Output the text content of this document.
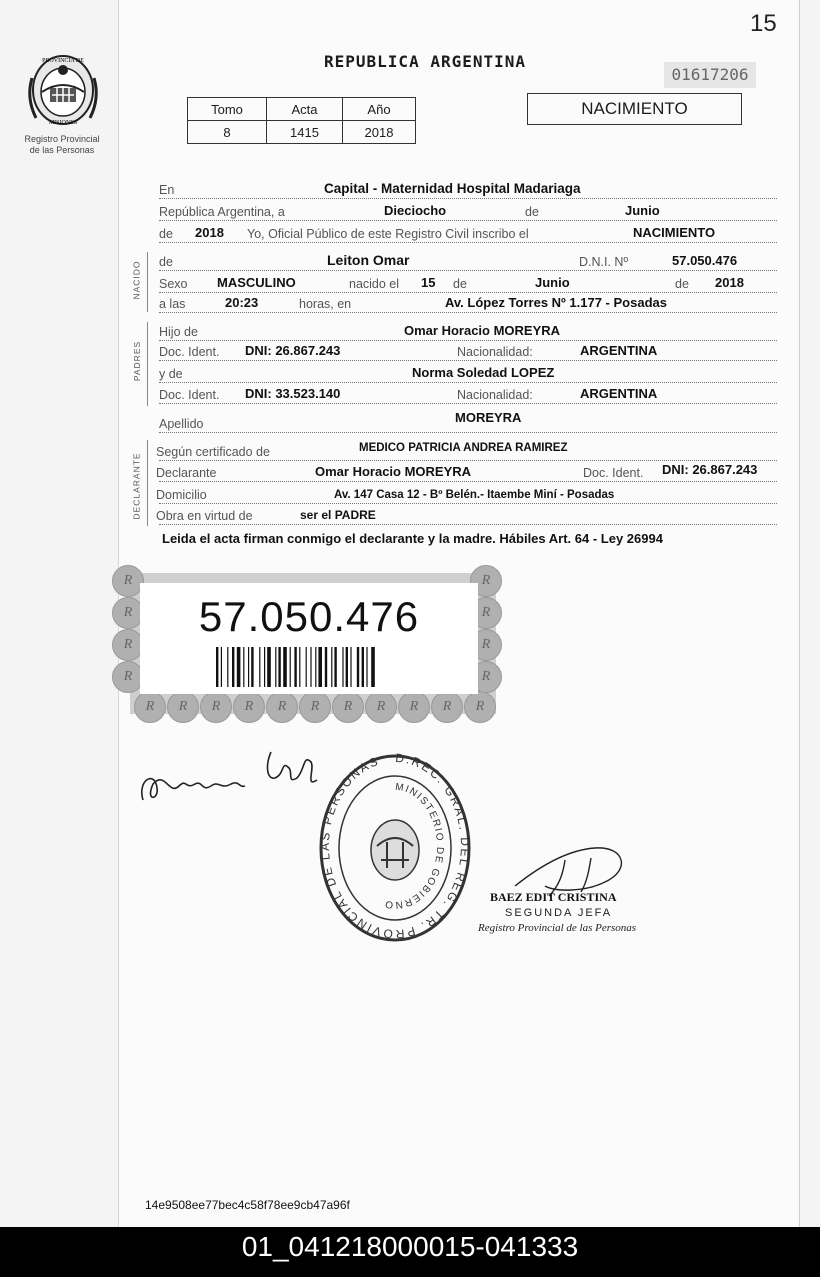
15
PROVINCIA DE
MISIONES
Registro Provincial
de las Personas
REPUBLICA ARGENTINA
01617206
Tomo	Acta	Año
8	1415	2018
NACIMIENTO
En	Capital - Maternidad Hospital Madariaga
República Argentina, a	Dieciocho	de	Junio
de 2018 Yo, Oficial Público de este Registro Civil inscribo el	NACIMIENTO
NACIDO de	Leiton Omar	D.N.I. Nº	57.050.476
Sexo MASCULINO	nacido el 15 de	Junio	de 2018
a las	20:23	horas, en	Av. López Torres Nº 1.177 - Posadas
PADRES
Hijo de	Omar Horacio MOREYRA
Doc. Ident. DNI: 26.867.243	Nacionalidad:	ARGENTINA
y de	Norma Soledad LOPEZ
Doc. Ident. DNI: 33.523.140	Nacionalidad:	ARGENTINA
Apellido	MOREYRA
DECLARANTE
Según certificado de	MEDICO PATRICIA ANDREA RAMIREZ
Declarante	Omar Horacio MOREYRA	Doc. Ident. DNI: 26.867.243
Domicilio	Av. 147 Casa 12 - Bº Belén.- Itaembe Miní - Posadas
Obra en virtud de	ser el PADRE
Leida el acta firman conmigo el declarante y la madre. Hábiles Art. 64 - Ley 26994
R	R	R	R	R	R	R	R	R	R	R
R
R
R
R
R
R
R
R
57.050.476
D.REC. GRAL. DEL REG. TR. PROVINCIAL DE LAS PERSONAS
MINISTERIO DE GOBIERNO	BAEZ EDIT CRISTINA
SEGUNDA JEFA
Registro Provincial de las Personas
14e9508ee77bec4c58f78ee9cb47a96f
01_041218000015-041333
